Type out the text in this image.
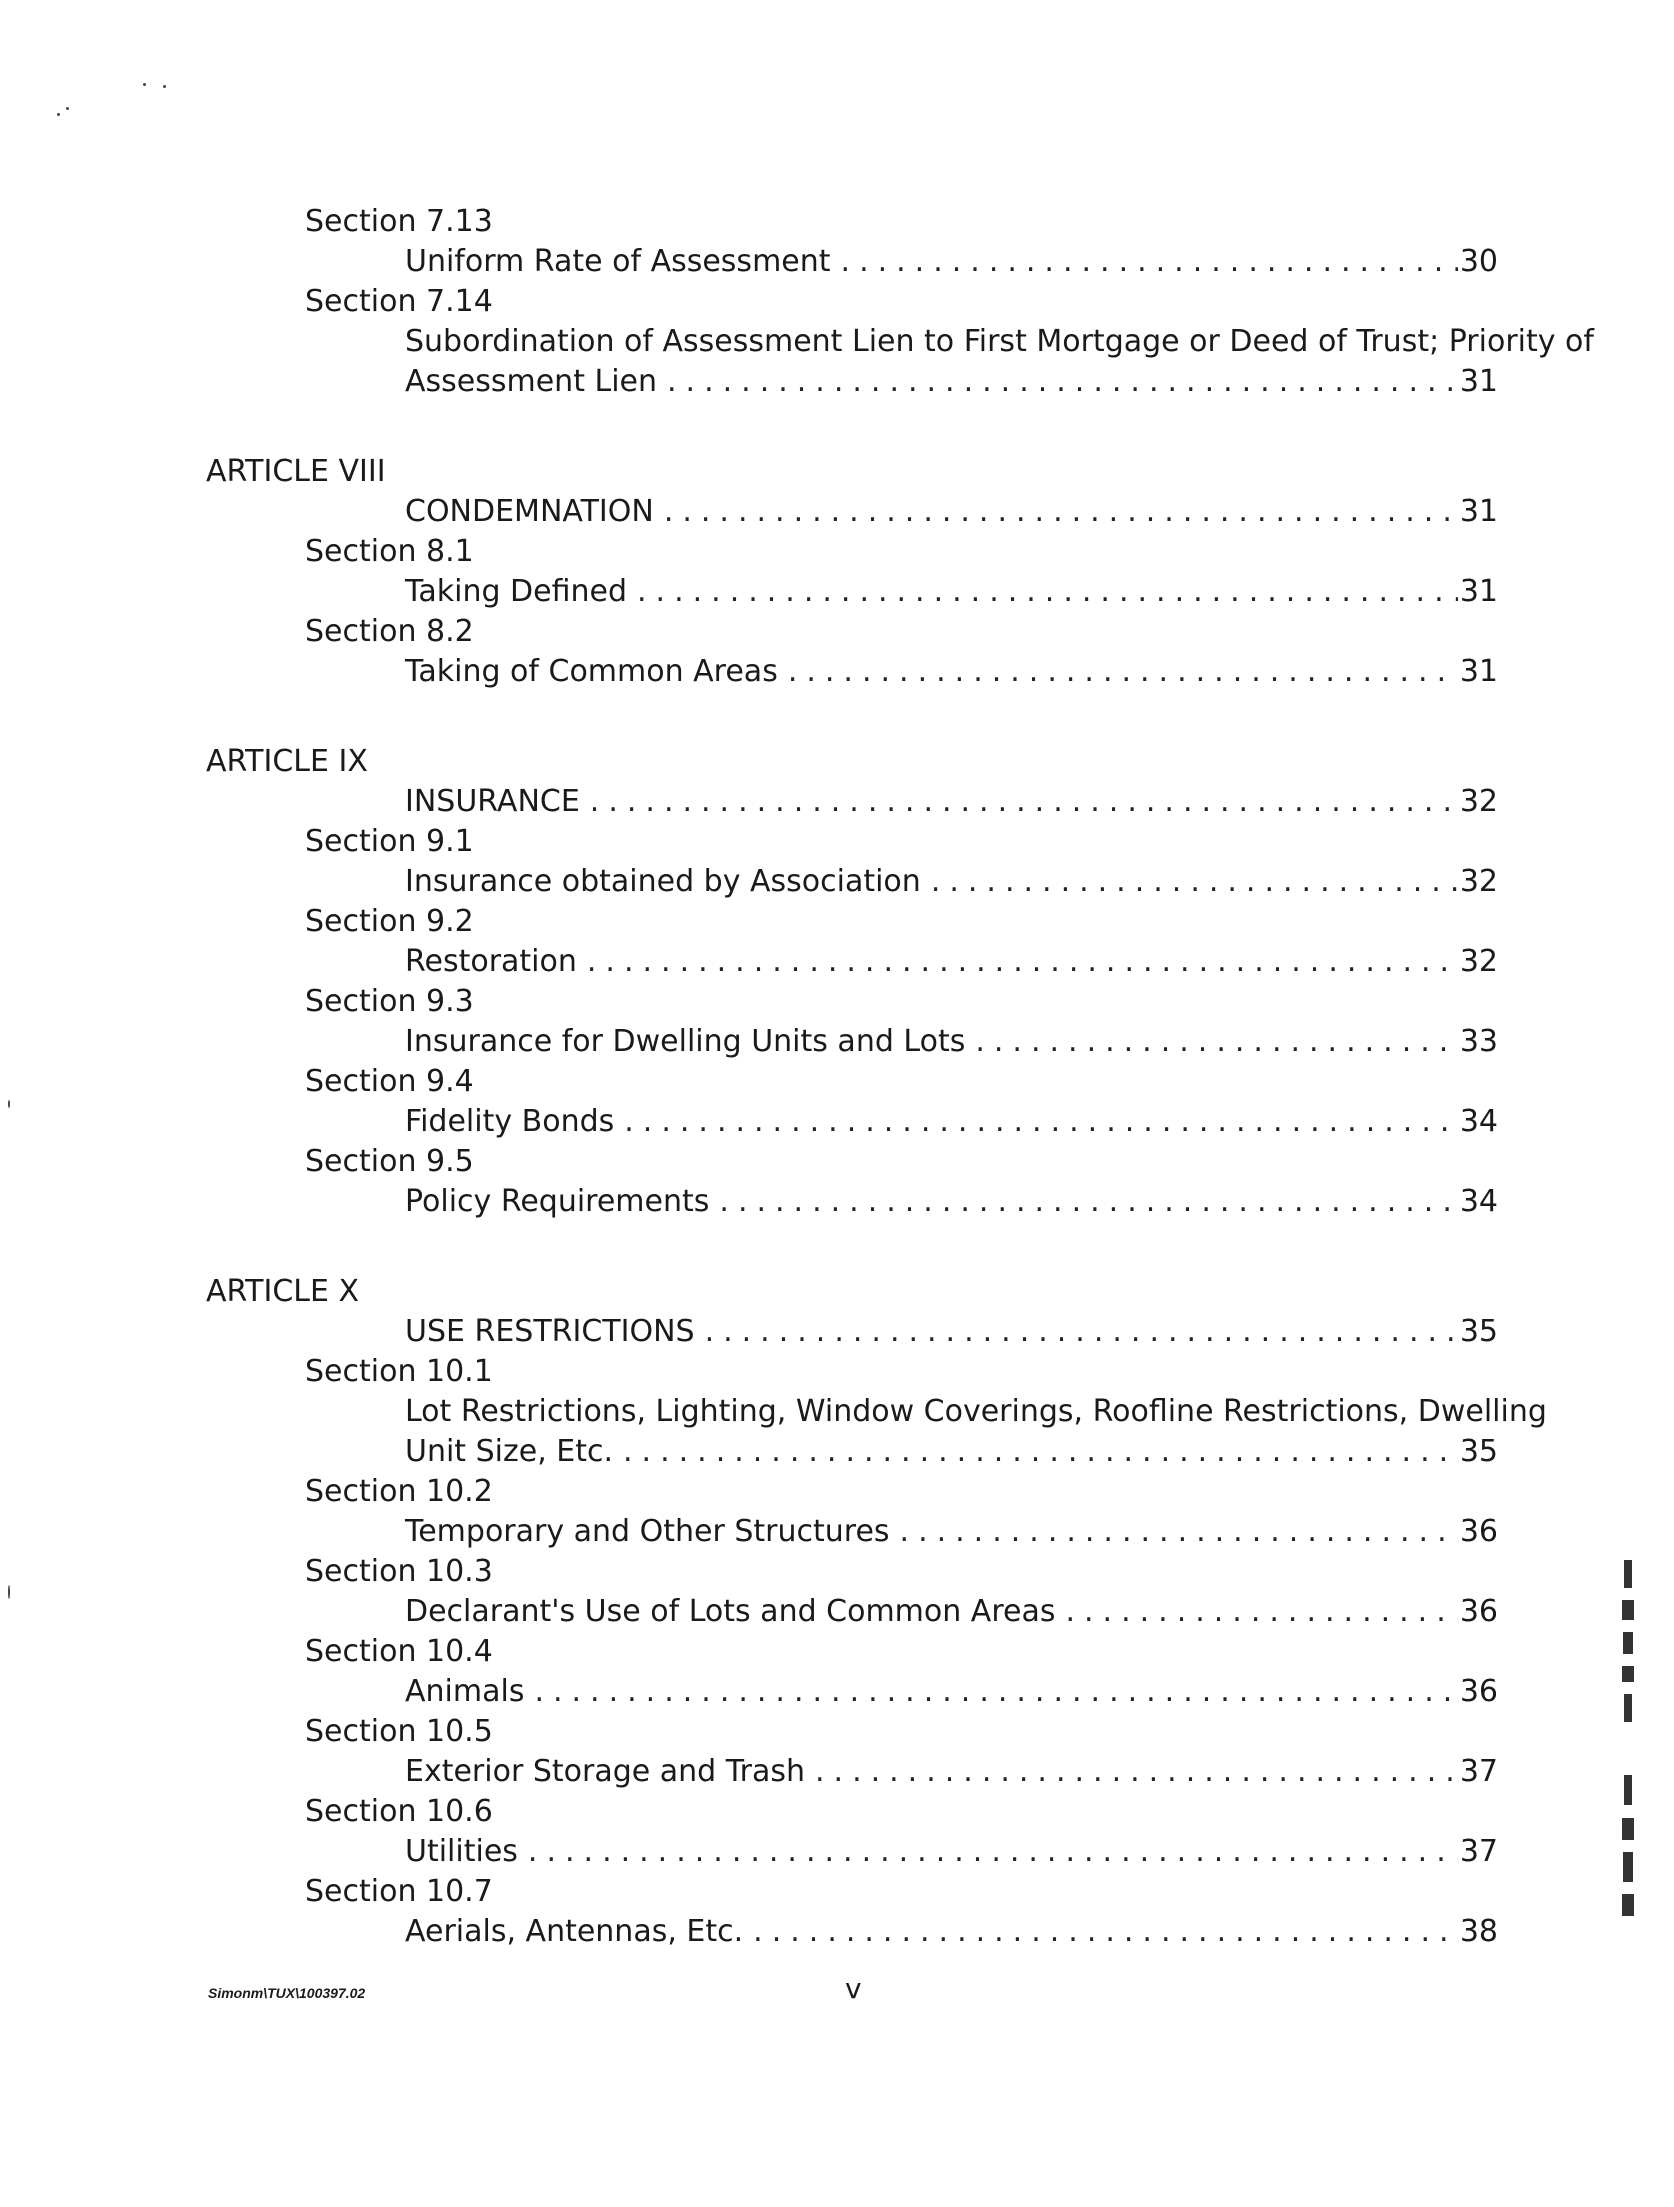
Section 7.13
Uniform Rate of Assessment .....	30
Section 7.14
Subordination of Assessment Lien to First Mortgage or Deed of Trust; Priority of
Assessment Lien .....	31
ARTICLE VIII
CONDEMNATION .....	31
Section 8.1
Taking Defined .....	31
Section 8.2
Taking of Common Areas .....	31
ARTICLE IX
INSURANCE .....	32
Section 9.1
Insurance obtained by Association .....	32
Section 9.2
Restoration .....	32
Section 9.3
Insurance for Dwelling Units and Lots .....	33
Section 9.4
Fidelity Bonds .....	34
Section 9.5
Policy Requirements .....	34
ARTICLE X
USE RESTRICTIONS .....	35
Section 10.1
Lot Restrictions, Lighting, Window Coverings, Roofline Restrictions, Dwelling
Unit Size, Etc. .....	35
Section 10.2
Temporary and Other Structures .....	36
Section 10.3
Declarant's Use of Lots and Common Areas .....	36
Section 10.4
Animals .....	36
Section 10.5
Exterior Storage and Trash .....	37
Section 10.6
Utilities .....	37
Section 10.7
Aerials, Antennas, Etc. .....	38
Simonm\TUX\100397.02	v
